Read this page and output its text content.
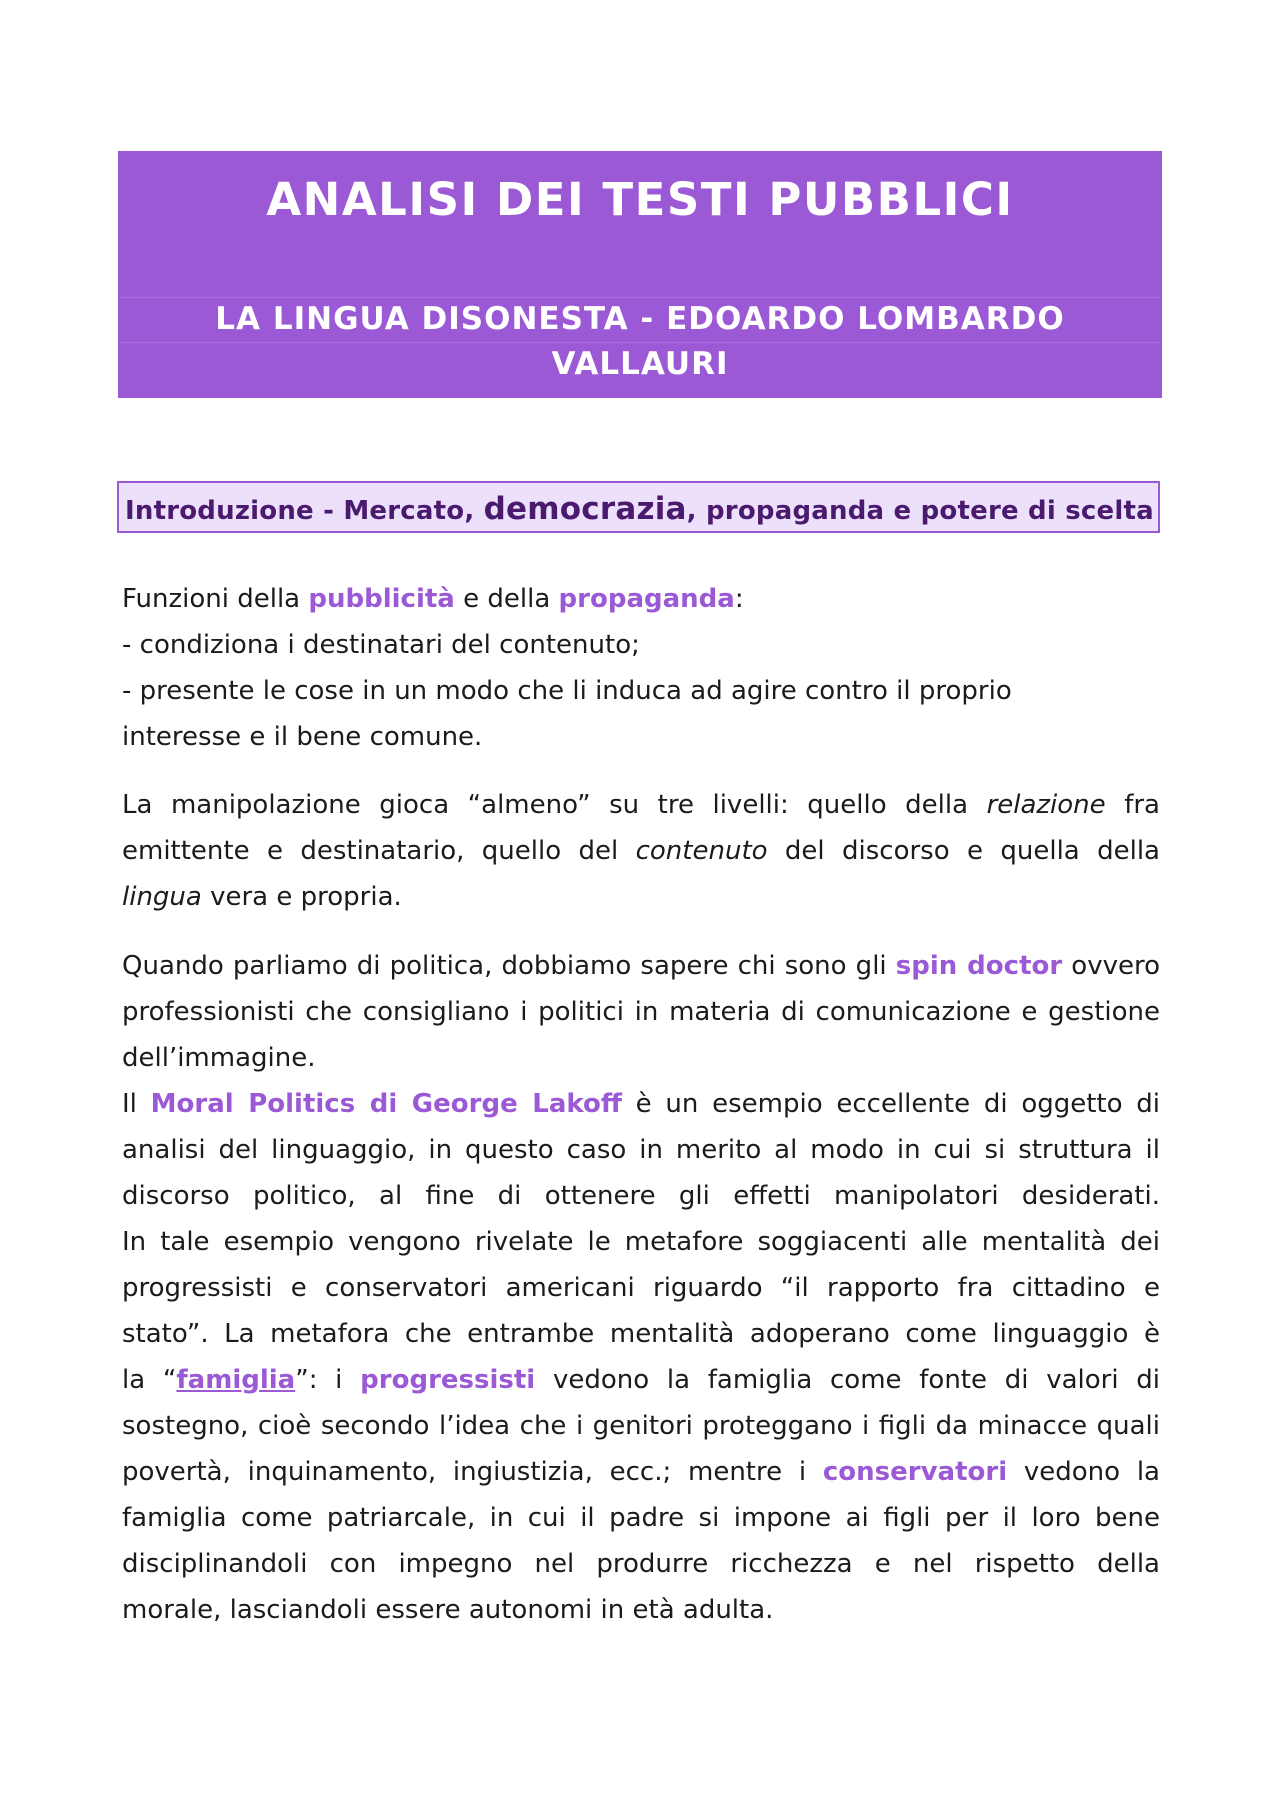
ANALISI DEI TESTI PUBBLICI
LA LINGUA DISONESTA - EDOARDO LOMBARDO
VALLAURI
Introduzione - Mercato, democrazia, propaganda e potere di scelta
Funzioni della pubblicità e della propaganda:
- condiziona i destinatari del contenuto;
- presente le cose in un modo che li induca ad agire contro il proprio
interesse e il bene comune.
La manipolazione gioca “almeno” su tre livelli: quello della relazione fra
emittente e destinatario, quello del contenuto del discorso e quella della
lingua vera e propria.
Quando parliamo di politica, dobbiamo sapere chi sono gli spin doctor ovvero
professionisti che consigliano i politici in materia di comunicazione e gestione
dell’immagine.
Il Moral Politics di George Lakoff è un esempio eccellente di oggetto di
analisi del linguaggio, in questo caso in merito al modo in cui si struttura il
discorso politico, al fine di ottenere gli effetti manipolatori desiderati.
In tale esempio vengono rivelate le metafore soggiacenti alle mentalità dei
progressisti e conservatori americani riguardo “il rapporto fra cittadino e
stato”. La metafora che entrambe mentalità adoperano come linguaggio è
la “famiglia”: i progressisti vedono la famiglia come fonte di valori di
sostegno, cioè secondo l’idea che i genitori proteggano i figli da minacce quali
povertà, inquinamento, ingiustizia, ecc.; mentre i conservatori vedono la
famiglia come patriarcale, in cui il padre si impone ai figli per il loro bene
disciplinandoli con impegno nel produrre ricchezza e nel rispetto della
morale, lasciandoli essere autonomi in età adulta.
